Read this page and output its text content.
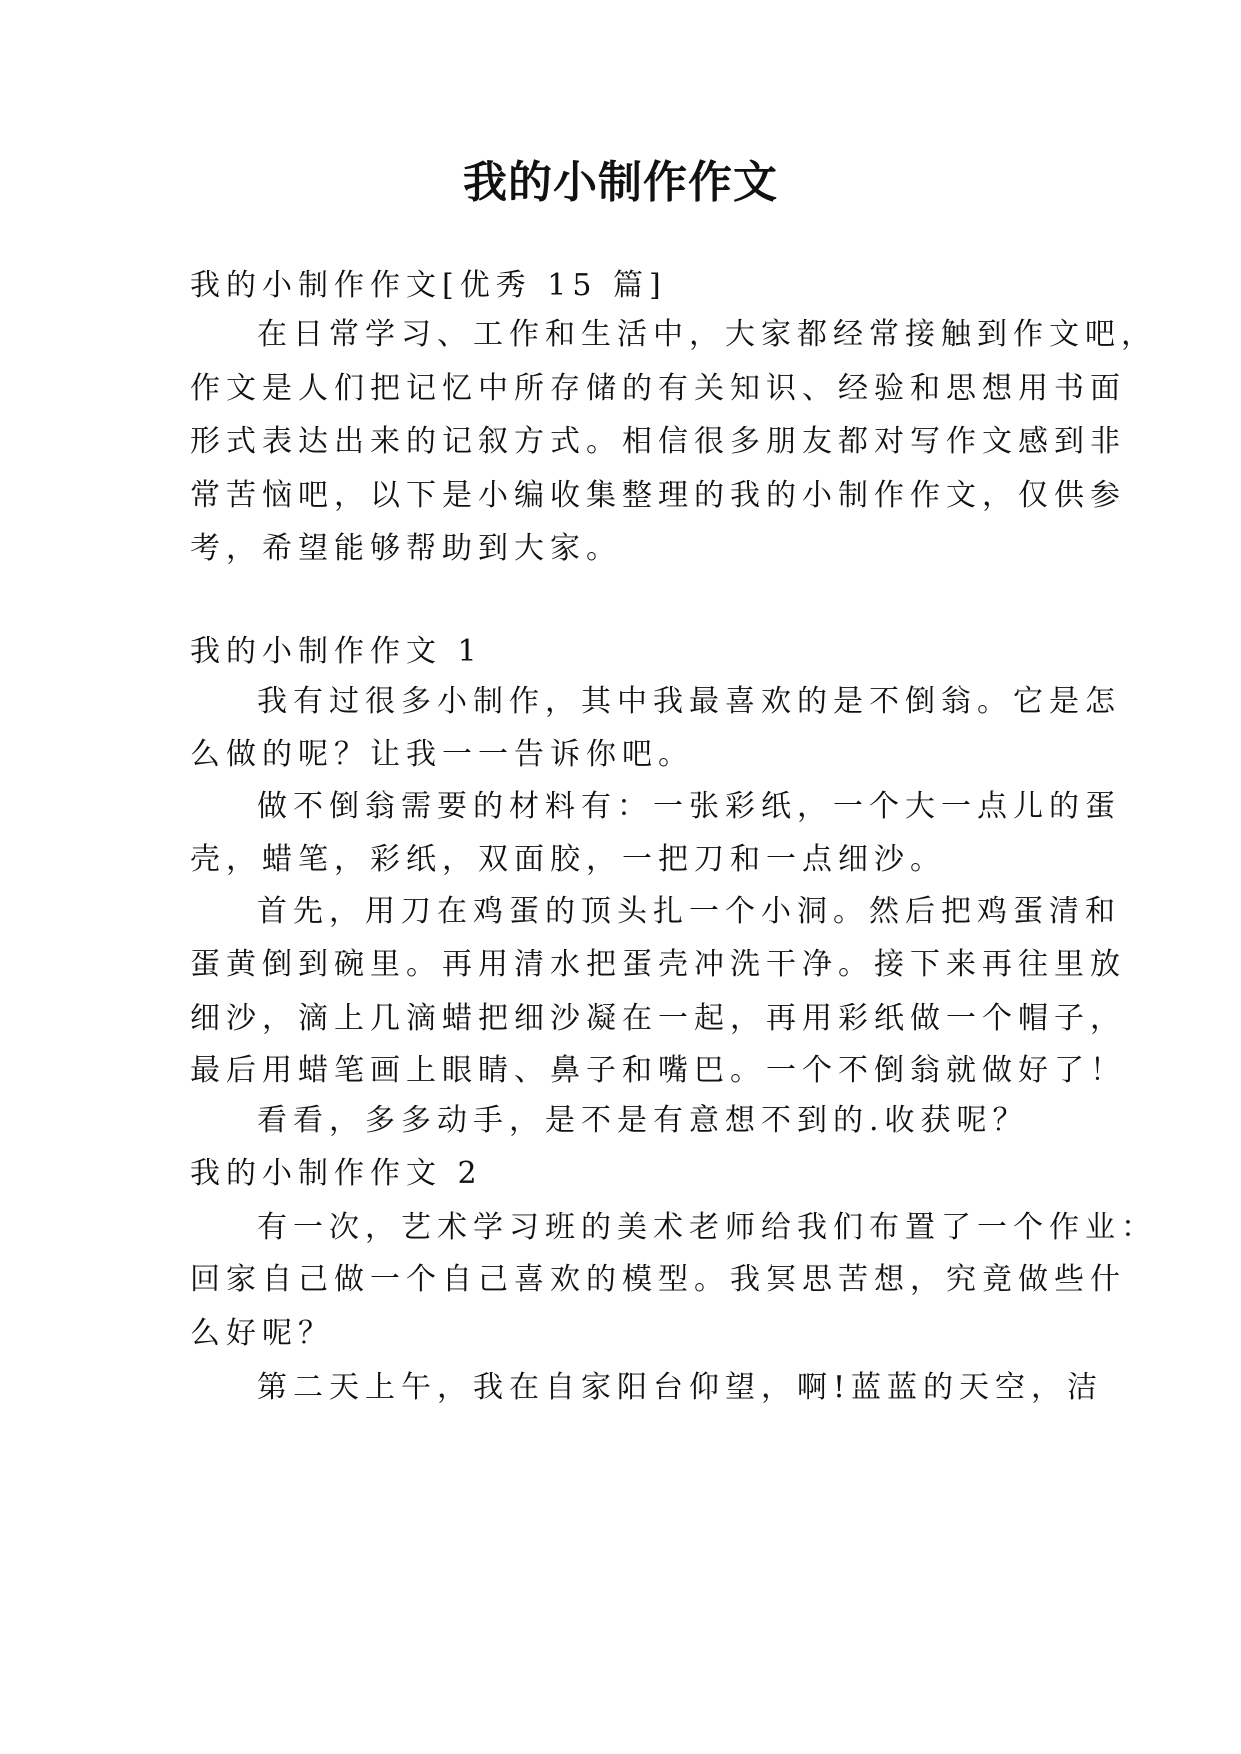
我的小制作作文
我的小制作作文[优秀 15 篇]
在日常学习、工作和生活中，大家都经常接触到作文吧，
作文是人们把记忆中所存储的有关知识、经验和思想用书面
形式表达出来的记叙方式。相信很多朋友都对写作文感到非
常苦恼吧，以下是小编收集整理的我的小制作作文，仅供参
考，希望能够帮助到大家。
我的小制作作文 1
我有过很多小制作，其中我最喜欢的是不倒翁。它是怎
么做的呢？让我一一告诉你吧。
做不倒翁需要的材料有：一张彩纸，一个大一点儿的蛋
壳，蜡笔，彩纸，双面胶，一把刀和一点细沙。
首先，用刀在鸡蛋的顶头扎一个小洞。然后把鸡蛋清和
蛋黄倒到碗里。再用清水把蛋壳冲洗干净。接下来再往里放
细沙，滴上几滴蜡把细沙凝在一起，再用彩纸做一个帽子，
最后用蜡笔画上眼睛、鼻子和嘴巴。一个不倒翁就做好了！
看看，多多动手，是不是有意想不到的.收获呢？
我的小制作作文 2
有一次，艺术学习班的美术老师给我们布置了一个作业：
回家自己做一个自己喜欢的模型。我冥思苦想，究竟做些什
么好呢？
第二天上午，我在自家阳台仰望，啊!蓝蓝的天空，洁
